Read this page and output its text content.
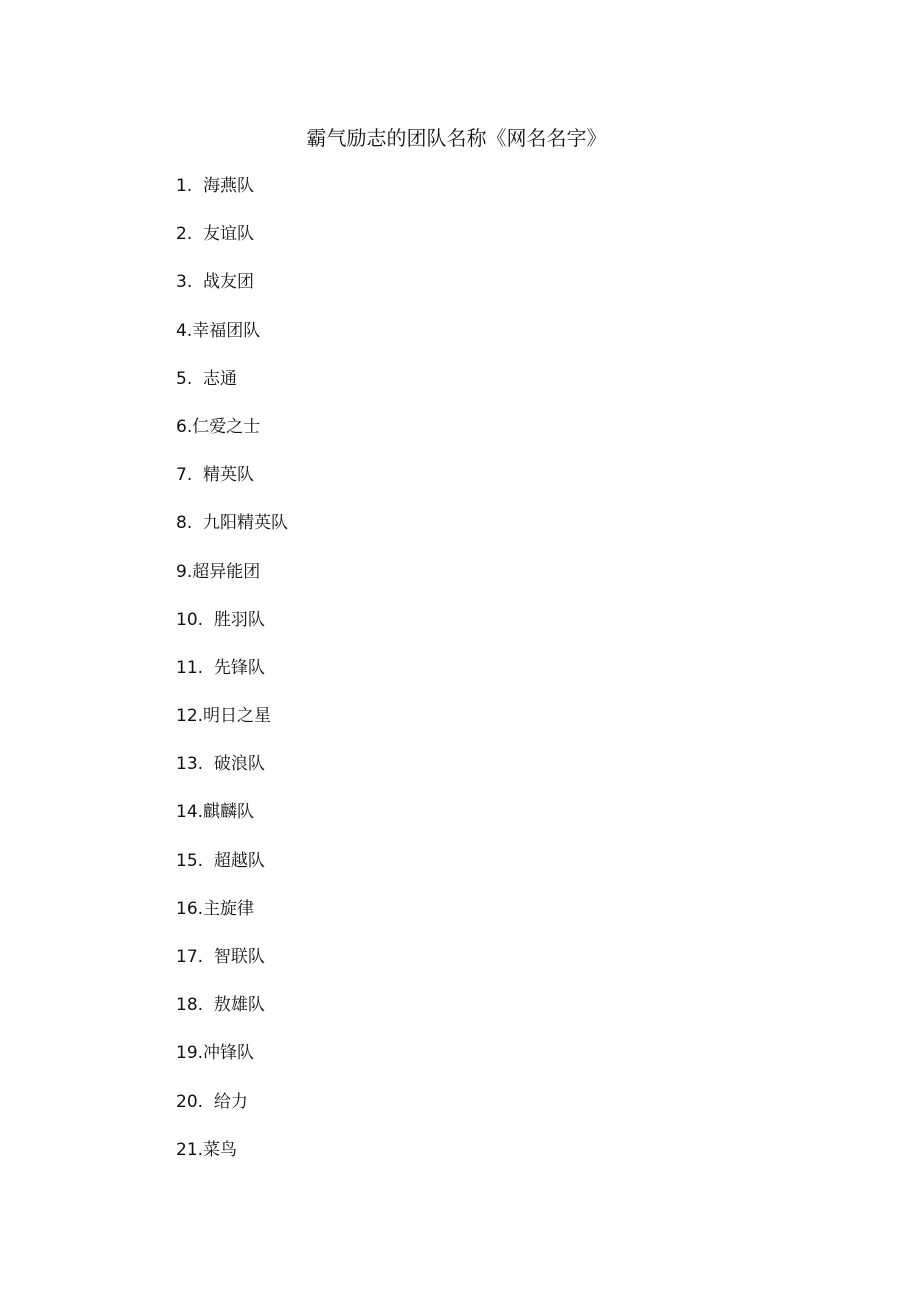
霸气励志的团队名称《网名名字》
1.  海燕队
2.  友谊队
3.  战友团
4.幸福团队
5.  志通
6.仁爱之士
7.  精英队
8.  九阳精英队
9.超异能团
10.  胜羽队
11.  先锋队
12.明日之星
13.  破浪队
14.麒麟队
15.  超越队
16.主旋律
17.  智联队
18.  敖雄队
19.冲锋队
20.  给力
21.菜鸟
